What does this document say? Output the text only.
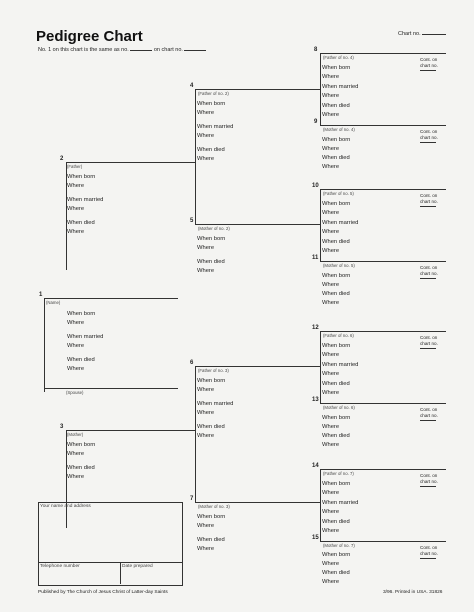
Pedigree Chart	Chart no.
No. 1 on this chart is the same as no.	on chart no.
1
(Name)
When born
Where
When married
Where
When died
Where
(Spouse)
2
(Father)
When born
Where
When married
Where
When died
Where
3
(Mother)
When born
Where
When died
Where
4
(Father of no. 2)
When born
Where
When married
Where
When died
Where
5
(Mother of no. 2)
When born
Where
When died
Where
6
(Father of no. 3)
When born
Where
When married
Where
When died
Where
7
(Mother of no. 3)
When born
Where
When died
Where
8
(Father of no. 4)
When born
Where
When married
Where
When died
Where
Cont. on
chart no.
9
(Mother of no. 4)
When born
Where
When died
Where
Cont. on
chart no.
10
(Father of no. 5)
When born
Where
When married
Where
When died
Where
Cont. on
chart no.
11
(Mother of no. 5)
When born
Where
When died
Where
Cont. on
chart no.
12
(Father of no. 6)
When born
Where
When married
Where
When died
Where
Cont. on
chart no.
13
(Mother of no. 6)
When born
Where
When died
Where
Cont. on
chart no.
14
(Father of no. 7)
When born
Where
When married
Where
When died
Where
Cont. on
chart no.
15
(Mother of no. 7)
When born
Where
When died
Where
Cont. on
chart no.
Your name and address
Telephone number	Date prepared
Published by The Church of Jesus Christ of Latter-day Saints	3/96. Printed in USA. 31826
